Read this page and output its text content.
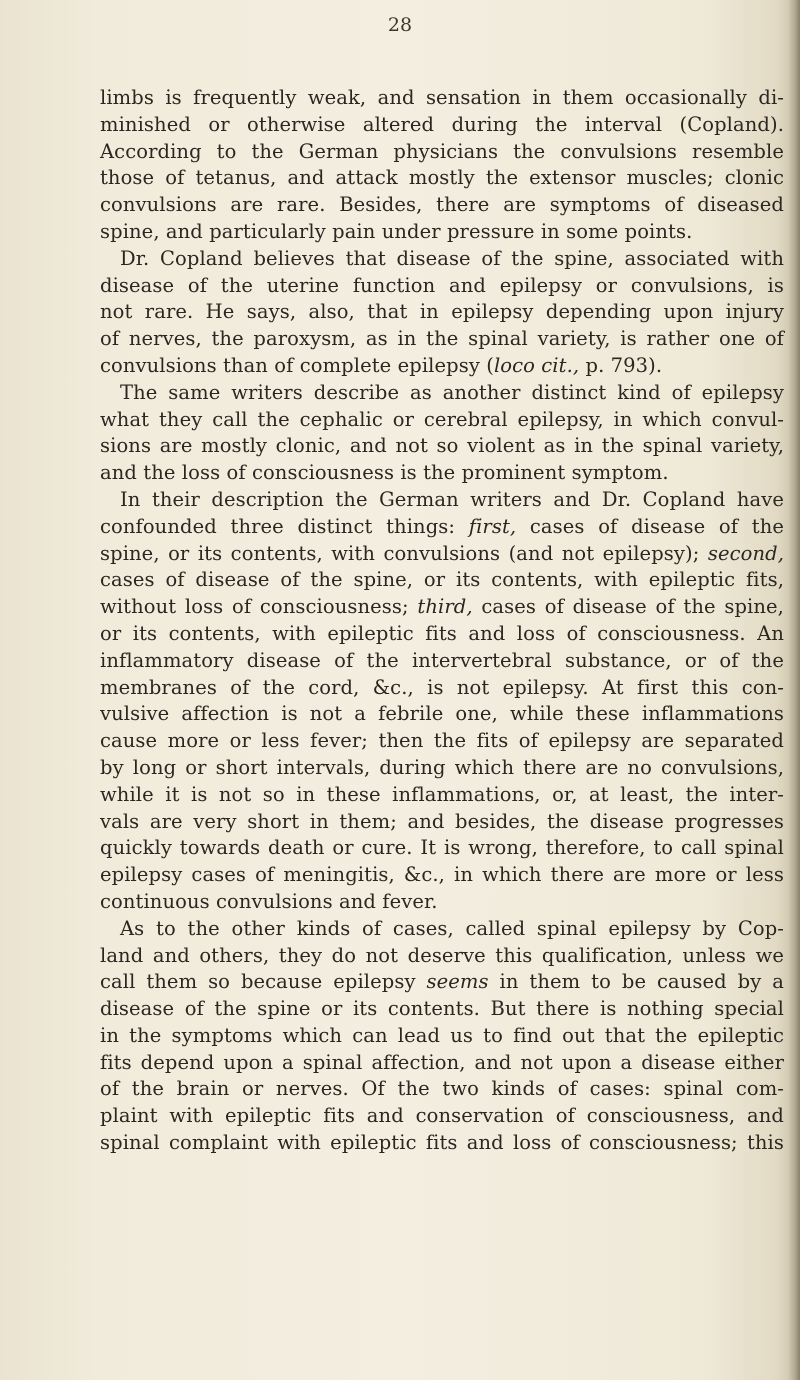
28
limbs is frequently weak, and sensation in them occasionally di-
minished or otherwise altered during the interval (Copland).
According to the German physicians the convulsions resemble
those of tetanus, and attack mostly the extensor muscles; clonic
convulsions are rare. Besides, there are symptoms of diseased
spine, and particularly pain under pressure in some points.
Dr. Copland believes that disease of the spine, associated with
disease of the uterine function and epilepsy or convulsions, is
not rare. He says, also, that in epilepsy depending upon injury
of nerves, the paroxysm, as in the spinal variety, is rather one of
convulsions than of complete epilepsy (loco cit., p. 793).
The same writers describe as another distinct kind of epilepsy
what they call the cephalic or cerebral epilepsy, in which convul-
sions are mostly clonic, and not so violent as in the spinal variety,
and the loss of consciousness is the prominent symptom.
In their description the German writers and Dr. Copland have
confounded three distinct things: first, cases of disease of the
spine, or its contents, with convulsions (and not epilepsy); second,
cases of disease of the spine, or its contents, with epileptic fits,
without loss of consciousness; third, cases of disease of the spine,
or its contents, with epileptic fits and loss of consciousness. An
inflammatory disease of the intervertebral substance, or of the
membranes of the cord, &c., is not epilepsy. At first this con-
vulsive affection is not a febrile one, while these inflammations
cause more or less fever; then the fits of epilepsy are separated
by long or short intervals, during which there are no convulsions,
while it is not so in these inflammations, or, at least, the inter-
vals are very short in them; and besides, the disease progresses
quickly towards death or cure. It is wrong, therefore, to call spinal
epilepsy cases of meningitis, &c., in which there are more or less
continuous convulsions and fever.
As to the other kinds of cases, called spinal epilepsy by Cop-
land and others, they do not deserve this qualification, unless we
call them so because epilepsy seems in them to be caused by a
disease of the spine or its contents. But there is nothing special
in the symptoms which can lead us to find out that the epileptic
fits depend upon a spinal affection, and not upon a disease either
of the brain or nerves. Of the two kinds of cases: spinal com-
plaint with epileptic fits and conservation of consciousness, and
spinal complaint with epileptic fits and loss of consciousness; this
